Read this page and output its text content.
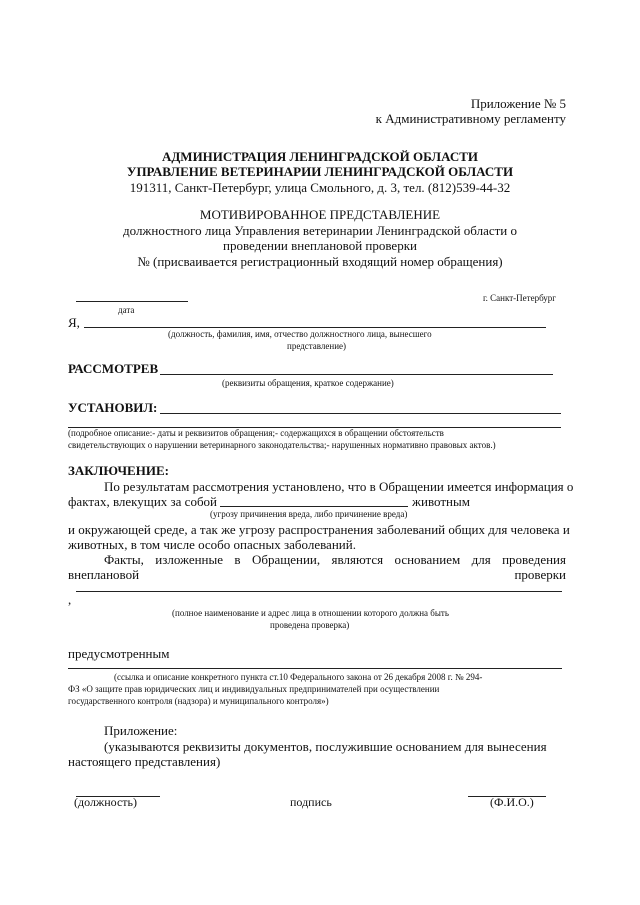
Приложение № 5
к Административному регламенту
АДМИНИСТРАЦИЯ ЛЕНИНГРАДСКОЙ ОБЛАСТИ
УПРАВЛЕНИЕ ВЕТЕРИНАРИИ ЛЕНИНГРАДСКОЙ ОБЛАСТИ
191311, Санкт-Петербург, улица Смольного, д. 3, тел. (812)539-44-32
МОТИВИРОВАННОЕ ПРЕДСТАВЛЕНИЕ
должностного лица Управления ветеринарии Ленинградской области о
проведении внеплановой проверки
№ (присваивается регистрационный входящий номер обращения)
дата
г. Санкт-Петербург
Я,
(должность, фамилия, имя, отчество должностного лица, вынесшего
представление)
РАССМОТРЕВ
(реквизиты обращения, краткое содержание)
УСТАНОВИЛ:
(подробное описание:- даты и реквизитов обращения;- содержащихся в обращении обстоятельств
свидетельствующих о нарушении ветеринарного законодательства;- нарушенных нормативно правовых актов.)
ЗАКЛЮЧЕНИЕ:
По результатам рассмотрения установлено, что в Обращении имеется информация о
фактах, влекущих за собой	животным
(угрозу причинения вреда, либо причинение вреда)
и окружающей среде, а так же угрозу распространения заболеваний общих для человека и
животных, в том числе особо опасных заболеваний.
Факты, изложенные в Обращении, являются основанием для проведения
внеплановой	проверки
,
(полное наименование и адрес лица в отношении которого должна быть
проведена проверка)
предусмотренным
(ссылка и описание конкретного пункта ст.10 Федерального закона от 26 декабря 2008 г. № 294-
ФЗ «О защите прав юридических лиц и индивидуальных предпринимателей при осуществлении
государственного контроля (надзора) и муниципального контроля»)
Приложение:
(указываются реквизиты документов, послужившие основанием для вынесения
настоящего представления)
(должность)	подпись	(Ф.И.О.)
